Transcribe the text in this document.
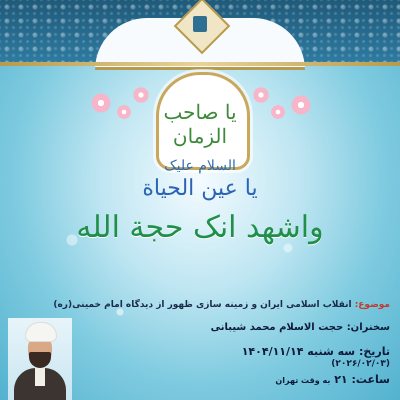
یا صاحب الزمان
السلام علیک
یا عین الحیاة
واشهد انک حجة الله
موضوع: انقلاب اسلامی ایران و زمینه سازی ظهور از دیدگاه امام خمینی(ره)
سخنران: حجت الاسلام محمد شیبانی
تاریخ: سه شنبه ۱۴۰۴/۱۱/۱۴
(۲۰۲۶/۰۲/۰۳)
ساعت: ۲۱ به وقت تهران
